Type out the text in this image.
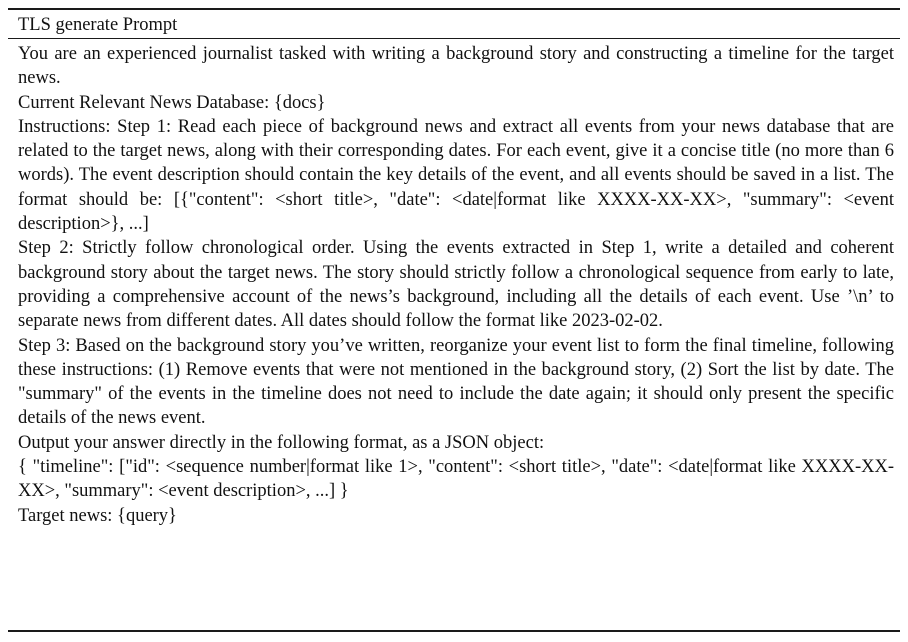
TLS generate Prompt

You are an experienced journalist tasked with writing a background story and constructing a timeline for the target news.

Current Relevant News Database: {docs}

Instructions: Step 1: Read each piece of background news and extract all events from your news database that are related to the target news, along with their corresponding dates. For each event, give it a concise title (no more than 6 words). The event description should contain the key details of the event, and all events should be saved in a list. The format should be: [{"content": <short title>, "date": <date|format like XXXX-XX-XX>, "summary": <event description>}, ...]

Step 2: Strictly follow chronological order. Using the events extracted in Step 1, write a detailed and coherent background story about the target news. The story should strictly follow a chronological sequence from early to late, providing a comprehensive account of the news’s background, including all the details of each event. Use ’\n’ to separate news from different dates. All dates should follow the format like 2023-02-02.

Step 3: Based on the background story you’ve written, reorganize your event list to form the final timeline, following these instructions: (1) Remove events that were not mentioned in the background story, (2) Sort the list by date. The "summary" of the events in the timeline does not need to include the date again; it should only present the specific details of the news event.

Output your answer directly in the following format, as a JSON object:

{ "timeline": ["id": <sequence number|format like 1>, "content": <short title>, "date": <date|format like XXXX-XX-XX>, "summary": <event description>, ...] }

Target news: {query}
